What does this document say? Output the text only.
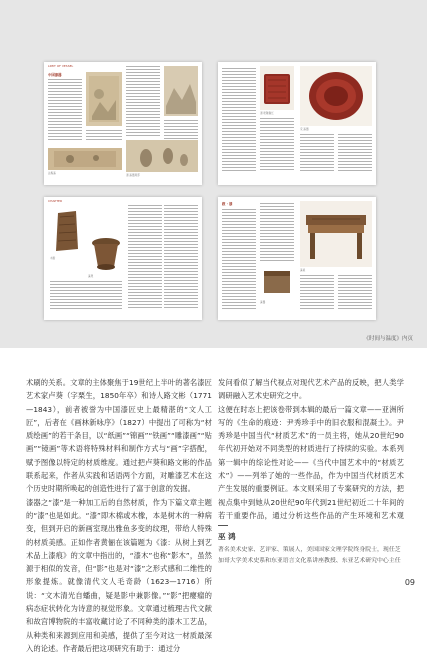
LIMIT OF VESSEL
中国漆器
法髹漆
清 漆器局部
清 乾隆剔红
宋 漆器
CHAPTER
木胎
漆凳
跋 · 漆
漆器
漆桌
《时间与温度》内页

术刷的关系。文章的主体聚焦于19世纪上半叶的著名漆匠艺术家卢葵（字栗生，1850年卒）和诗人路文彬（1771—1843），前者被誉为中国漆匠史上最精湛的“文人工匠”，后者在《画林新咏序》（1827）中提出了可称为“材质绘画”的若干条目，以“纸画”“锦画”“铁画”“雕漆画”“贴画”“镜画”等术语将特殊材料和制作方式与“画”字搭配，赋予图像以特定的材质维度。通过把卢葵和路文彬的作品联系起来，作者从实践和话语两个方面，对雕漆艺术在这个历史时期所唤起的创造性进行了富于创意的发掘。
漆器之“漆”是一种加工后的自然材质，作为下篇文章主题的“漆”也是如此。“漆”即木棉或木橡，本是树木的一种病变，但到开启的新画室现出雅鱼多变的纹理，带给人特殊的材质美感。正如作者黄俪在该篇题为《漆：从树上到艺术品上漆痕》的文章中指出的，“漆木”也称“影木”，虽然源于相似的发音，但“影”也是对“漆”之形式感和二维性的形象提炼。就像清代文人毛奇龄（1623—1716）所说：“文木清光自蟠曲，疑是影中兼影像。”“影”把瘿瘤的病态症状转化为诗意的视觉形象。文章通过梳理古代文献和故宫博物院的丰富收藏讨论了不同种类的漆木工艺品，从种类和来源到应用和美感，提供了至今对这一材质最深入的论述。作者最后把这项研究有助于：通过分

发问看似了解当代视点对现代艺术产品的反映，把人类学调研融入艺术史研究之中。
这便在时态上把该卷带到本辑的最后一篇文章——亚洲所写的《生命的痕迹：尹秀珍手中的旧衣服和混凝土》。尹秀珍是中国当代“材质艺术”的一员主将，她从20世纪90年代初开始对不同类型的材质进行了持续的实验。本系列第一辑中的综论性对论——《当代中国艺术中的“材质艺术”》——列举了她的一些作品，作为中国当代材质艺术产生发展的重要例证。本文则采用了专案研究的方法，把视点集中到她从20世纪90年代到21世纪初近二十年间的若干重要作品，通过分析这些作品的产生环境和艺术观

巫 鸿
著名美术史家、艺评家、策展人，美国国家文理学院终身院士，现任芝加哥大学美术史系和东亚语言文化系讲座教授、东亚艺术研究中心主任
09
